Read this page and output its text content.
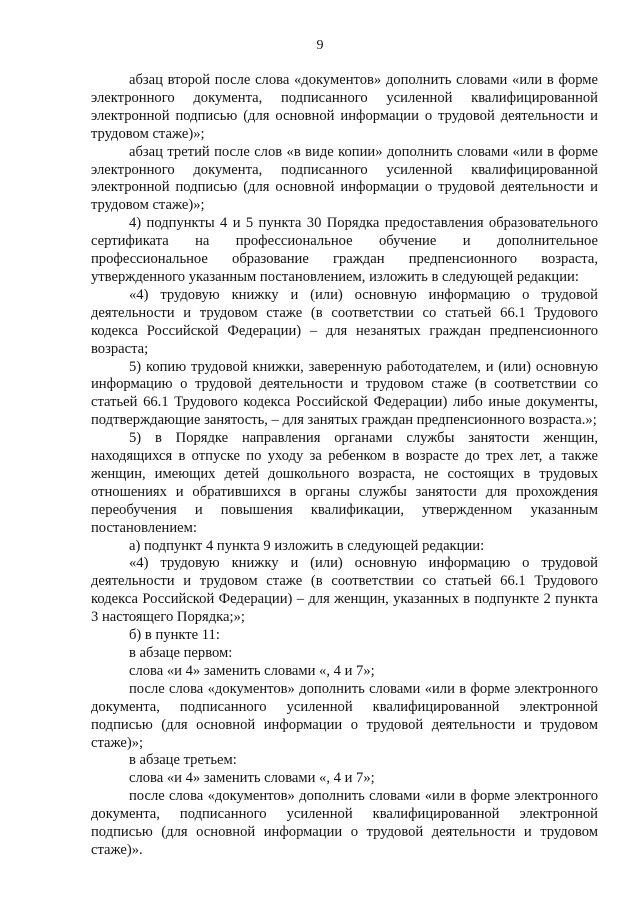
9

абзац второй после слова «документов» дополнить словами «или в форме электронного документа, подписанного усиленной квалифицированной электронной подписью (для основной информации о трудовой деятельности и трудовом стаже)»;

абзац третий после слов «в виде копии» дополнить словами «или в форме электронного документа, подписанного усиленной квалифицированной электронной подписью (для основной информации о трудовой деятельности и трудовом стаже)»;

4) подпункты 4 и 5 пункта 30 Порядка предоставления образовательного сертификата на профессиональное обучение и дополнительное профессиональное образование граждан предпенсионного возраста, утвержденного указанным постановлением, изложить в следующей редакции:

«4) трудовую книжку и (или) основную информацию о трудовой деятельности и трудовом стаже (в соответствии со статьей 66.1 Трудового кодекса Российской Федерации) – для незанятых граждан предпенсионного возраста;

5) копию трудовой книжки, заверенную работодателем, и (или) основную информацию о трудовой деятельности и трудовом стаже (в соответствии со статьей 66.1 Трудового кодекса Российской Федерации) либо иные документы, подтверждающие занятость, – для занятых граждан предпенсионного возраста.»;

5) в Порядке направления органами службы занятости женщин, находящихся в отпуске по уходу за ребенком в возрасте до трех лет, а также женщин, имеющих детей дошкольного возраста, не состоящих в трудовых отношениях и обратившихся в органы службы занятости для прохождения переобучения и повышения квалификации, утвержденном указанным постановлением:

а) подпункт 4 пункта 9 изложить в следующей редакции:

«4) трудовую книжку и (или) основную информацию о трудовой деятельности и трудовом стаже (в соответствии со статьей 66.1 Трудового кодекса Российской Федерации) – для женщин, указанных в подпункте 2 пункта 3 настоящего Порядка;»;

б) в пункте 11:

в абзаце первом:

слова «и 4» заменить словами «, 4 и 7»;

после слова «документов» дополнить словами «или в форме электронного документа, подписанного усиленной квалифицированной электронной подписью (для основной информации о трудовой деятельности и трудовом стаже)»;

в абзаце третьем:

слова «и 4» заменить словами «, 4 и 7»;

после слова «документов» дополнить словами «или в форме электронного документа, подписанного усиленной квалифицированной электронной подписью (для основной информации о трудовой деятельности и трудовом стаже)».
